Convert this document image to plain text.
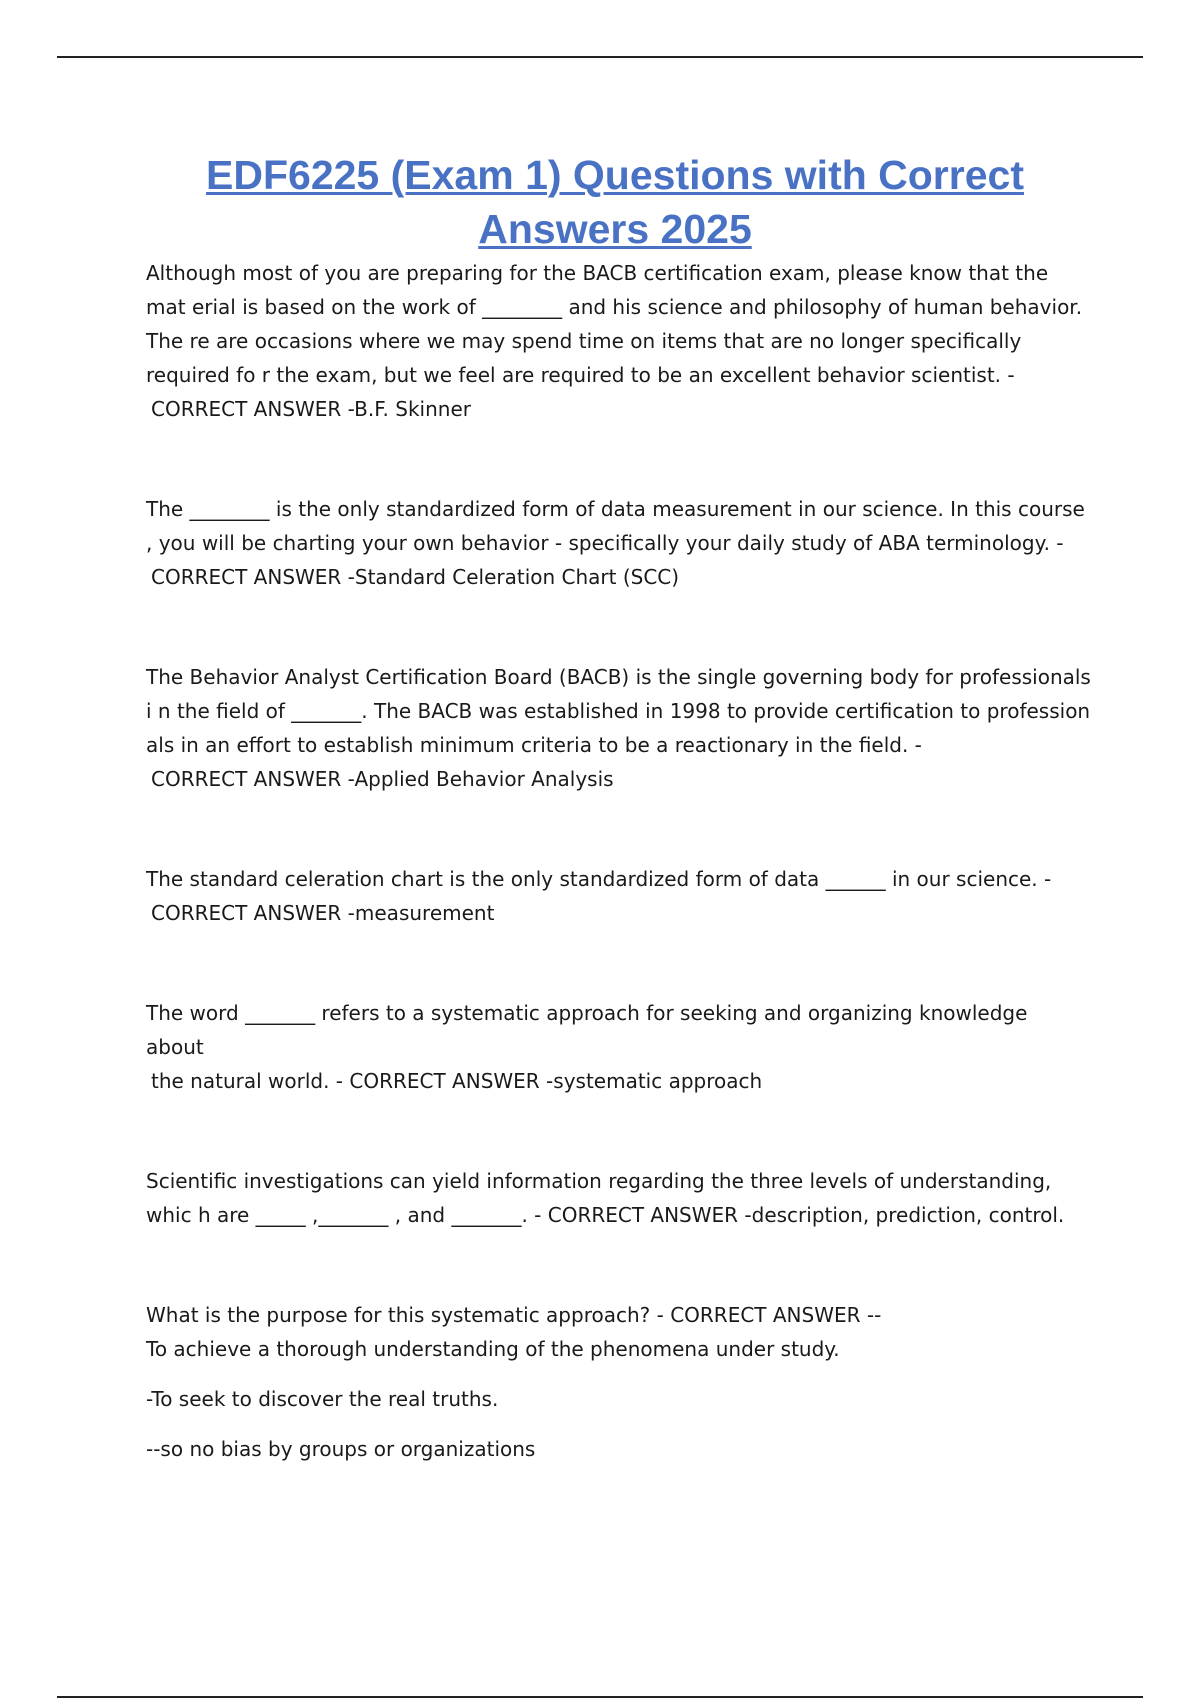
EDF6225 (Exam 1) Questions with Correct
Answers 2025

Although most of you are preparing for the BACB certification exam, please know that the mat erial is based on the work of ________ and his science and philosophy of human behavior. The re are occasions where we may spend time on items that are no longer specifically required fo r the exam, but we feel are required to be an excellent behavior scientist. -

CORRECT ANSWER -B.F. Skinner

The ________ is the only standardized form of data measurement in our science. In this course , you will be charting your own behavior - specifically your daily study of ABA terminology. -

CORRECT ANSWER -Standard Celeration Chart (SCC)

The Behavior Analyst Certification Board (BACB) is the single governing body for professionals i n the field of _______. The BACB was established in 1998 to provide certification to profession als in an effort to establish minimum criteria to be a reactionary in the field. -

CORRECT ANSWER -Applied Behavior Analysis

The standard celeration chart is the only standardized form of data ______ in our science. -

CORRECT ANSWER -measurement

The word _______ refers to a systematic approach for seeking and organizing knowledge about

the natural world. - CORRECT ANSWER -systematic approach

Scientific investigations can yield information regarding the three levels of understanding, whic h are _____ ,_______ , and _______. - CORRECT ANSWER -description, prediction, control.

What is the purpose for this systematic approach? - CORRECT ANSWER --

To achieve a thorough understanding of the phenomena under study.

-To seek to discover the real truths.

--so no bias by groups or organizations
